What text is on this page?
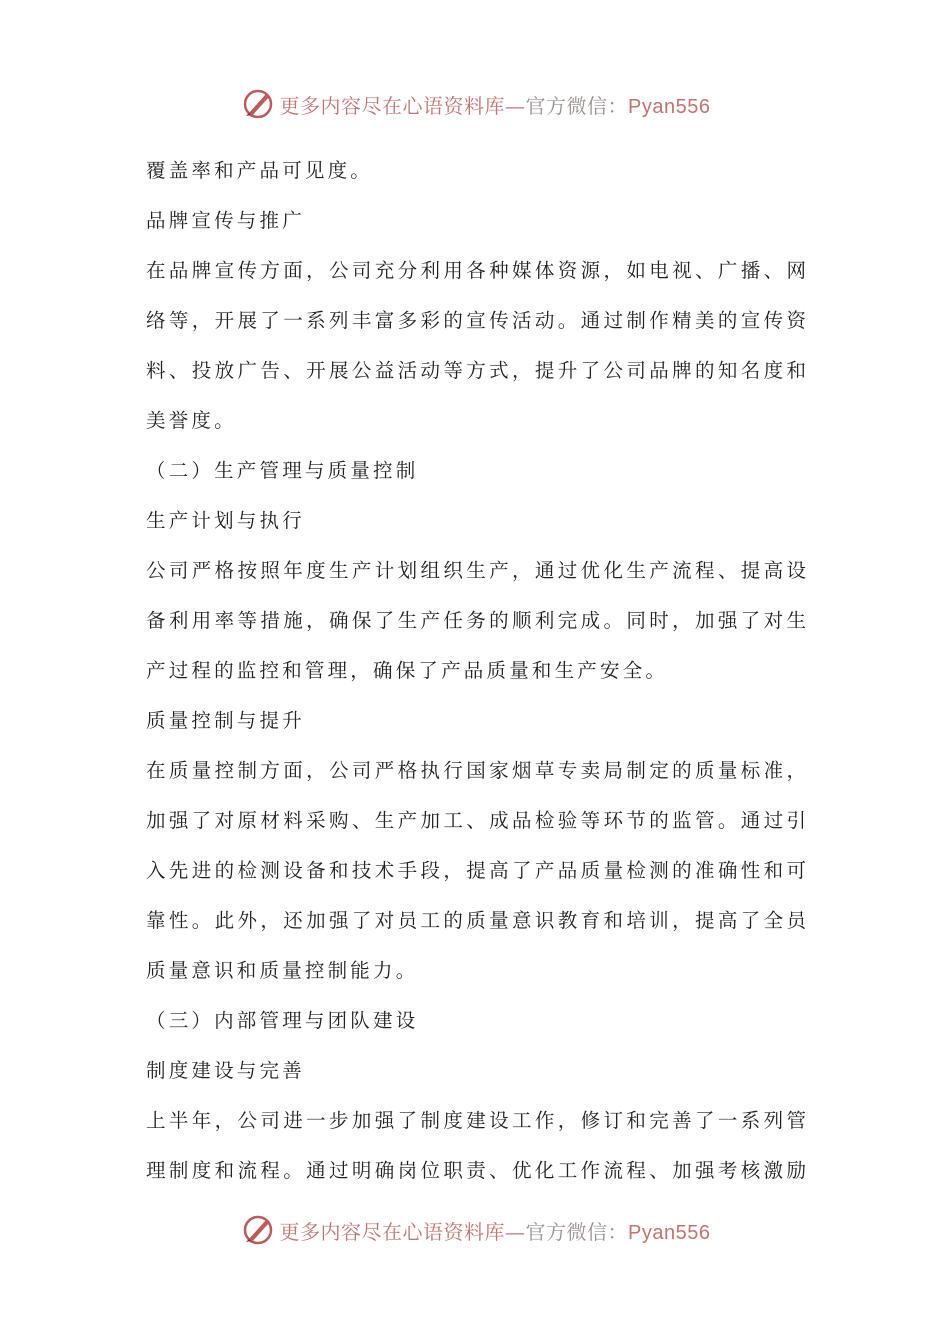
更多内容尽在心语资料库—官方微信：Pyan556
覆盖率和产品可见度。
品牌宣传与推广
在品牌宣传方面，公司充分利用各种媒体资源，如电视、广播、网
络等，开展了一系列丰富多彩的宣传活动。通过制作精美的宣传资
料、投放广告、开展公益活动等方式，提升了公司品牌的知名度和
美誉度。
（二）生产管理与质量控制
生产计划与执行
公司严格按照年度生产计划组织生产，通过优化生产流程、提高设
备利用率等措施，确保了生产任务的顺利完成。同时，加强了对生
产过程的监控和管理，确保了产品质量和生产安全。
质量控制与提升
在质量控制方面，公司严格执行国家烟草专卖局制定的质量标准，
加强了对原材料采购、生产加工、成品检验等环节的监管。通过引
入先进的检测设备和技术手段，提高了产品质量检测的准确性和可
靠性。此外，还加强了对员工的质量意识教育和培训，提高了全员
质量意识和质量控制能力。
（三）内部管理与团队建设
制度建设与完善
上半年，公司进一步加强了制度建设工作，修订和完善了一系列管
理制度和流程。通过明确岗位职责、优化工作流程、加强考核激励
更多内容尽在心语资料库—官方微信：Pyan556
